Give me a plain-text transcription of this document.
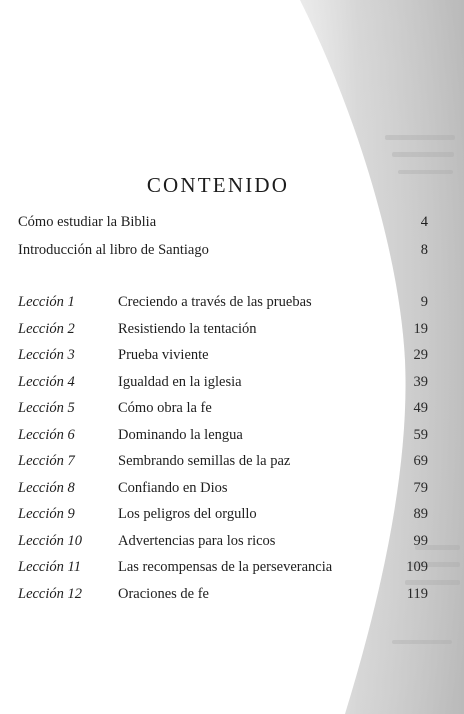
CONTENIDO
Cómo estudiar la Biblia	4
Introducción al libro de Santiago	8
Lección 1	Creciendo a través de las pruebas	9
Lección 2	Resistiendo la tentación	19
Lección 3	Prueba viviente	29
Lección 4	Igualdad en la iglesia	39
Lección 5	Cómo obra la fe	49
Lección 6	Dominando la lengua	59
Lección 7	Sembrando semillas de la paz	69
Lección 8	Confiando en Dios	79
Lección 9	Los peligros del orgullo	89
Lección 10 Advertencias para los ricos	99
Lección 11	Las recompensas de la perseverancia	109
Lección 12 Oraciones de fe	119
